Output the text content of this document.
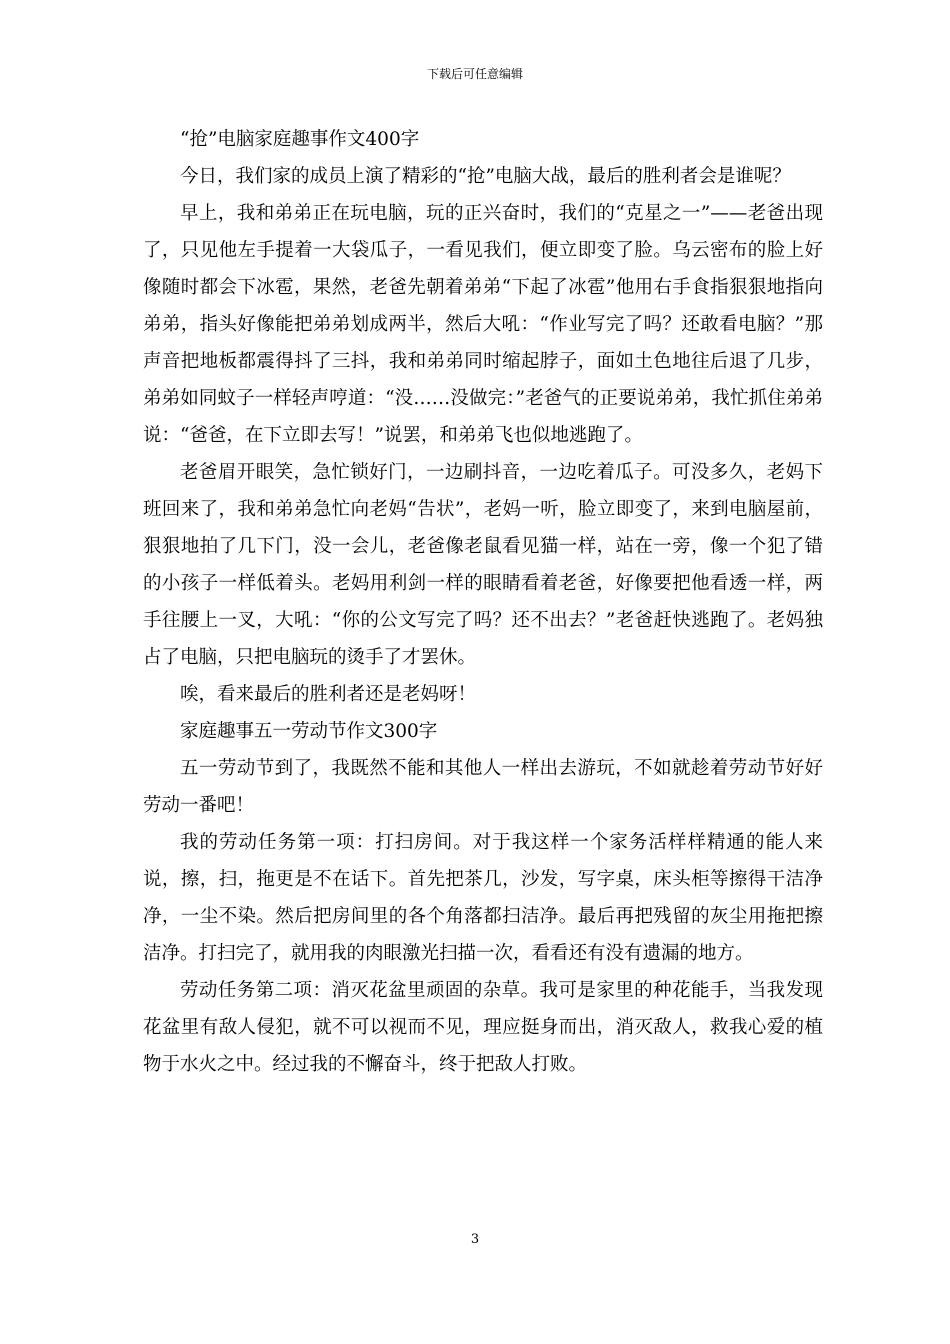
下载后可任意编辑

“抢”电脑家庭趣事作文400字

今日，我们家的成员上演了精彩的“抢”电脑大战，最后的胜利者会是谁呢？

早上，我和弟弟正在玩电脑，玩的正兴奋时，我们的“克星之一”——老爸出现了，只见他左手提着一大袋瓜子，一看见我们，便立即变了脸。乌云密布的脸上好像随时都会下冰雹，果然，老爸先朝着弟弟“下起了冰雹”他用右手食指狠狠地指向弟弟，指头好像能把弟弟划成两半，然后大吼：“作业写完了吗？还敢看电脑？”那声音把地板都震得抖了三抖，我和弟弟同时缩起脖子，面如土色地往后退了几步，弟弟如同蚊子一样轻声哼道：“没……没做完：”老爸气的正要说弟弟，我忙抓住弟弟说：“爸爸，在下立即去写！”说罢，和弟弟飞也似地逃跑了。

老爸眉开眼笑，急忙锁好门，一边刷抖音，一边吃着瓜子。可没多久，老妈下班回来了，我和弟弟急忙向老妈“告状”，老妈一听，脸立即变了，来到电脑屋前，狠狠地拍了几下门，没一会儿，老爸像老鼠看见猫一样，站在一旁，像一个犯了错的小孩子一样低着头。老妈用利剑一样的眼睛看着老爸，好像要把他看透一样，两手往腰上一叉，大吼：“你的公文写完了吗？还不出去？”老爸赶快逃跑了。老妈独占了电脑，只把电脑玩的烫手了才罢休。

唉，看来最后的胜利者还是老妈呀！

家庭趣事五一劳动节作文300字

五一劳动节到了，我既然不能和其他人一样出去游玩，不如就趁着劳动节好好劳动一番吧！

我的劳动任务第一项：打扫房间。对于我这样一个家务活样样精通的能人来说，擦，扫，拖更是不在话下。首先把茶几，沙发，写字桌，床头柜等擦得干洁净净，一尘不染。然后把房间里的各个角落都扫洁净。最后再把残留的灰尘用拖把擦洁净。打扫完了，就用我的肉眼激光扫描一次，看看还有没有遗漏的地方。

劳动任务第二项：消灭花盆里顽固的杂草。我可是家里的种花能手，当我发现花盆里有敌人侵犯，就不可以视而不见，理应挺身而出，消灭敌人，救我心爱的植物于水火之中。经过我的不懈奋斗，终于把敌人打败。

3
